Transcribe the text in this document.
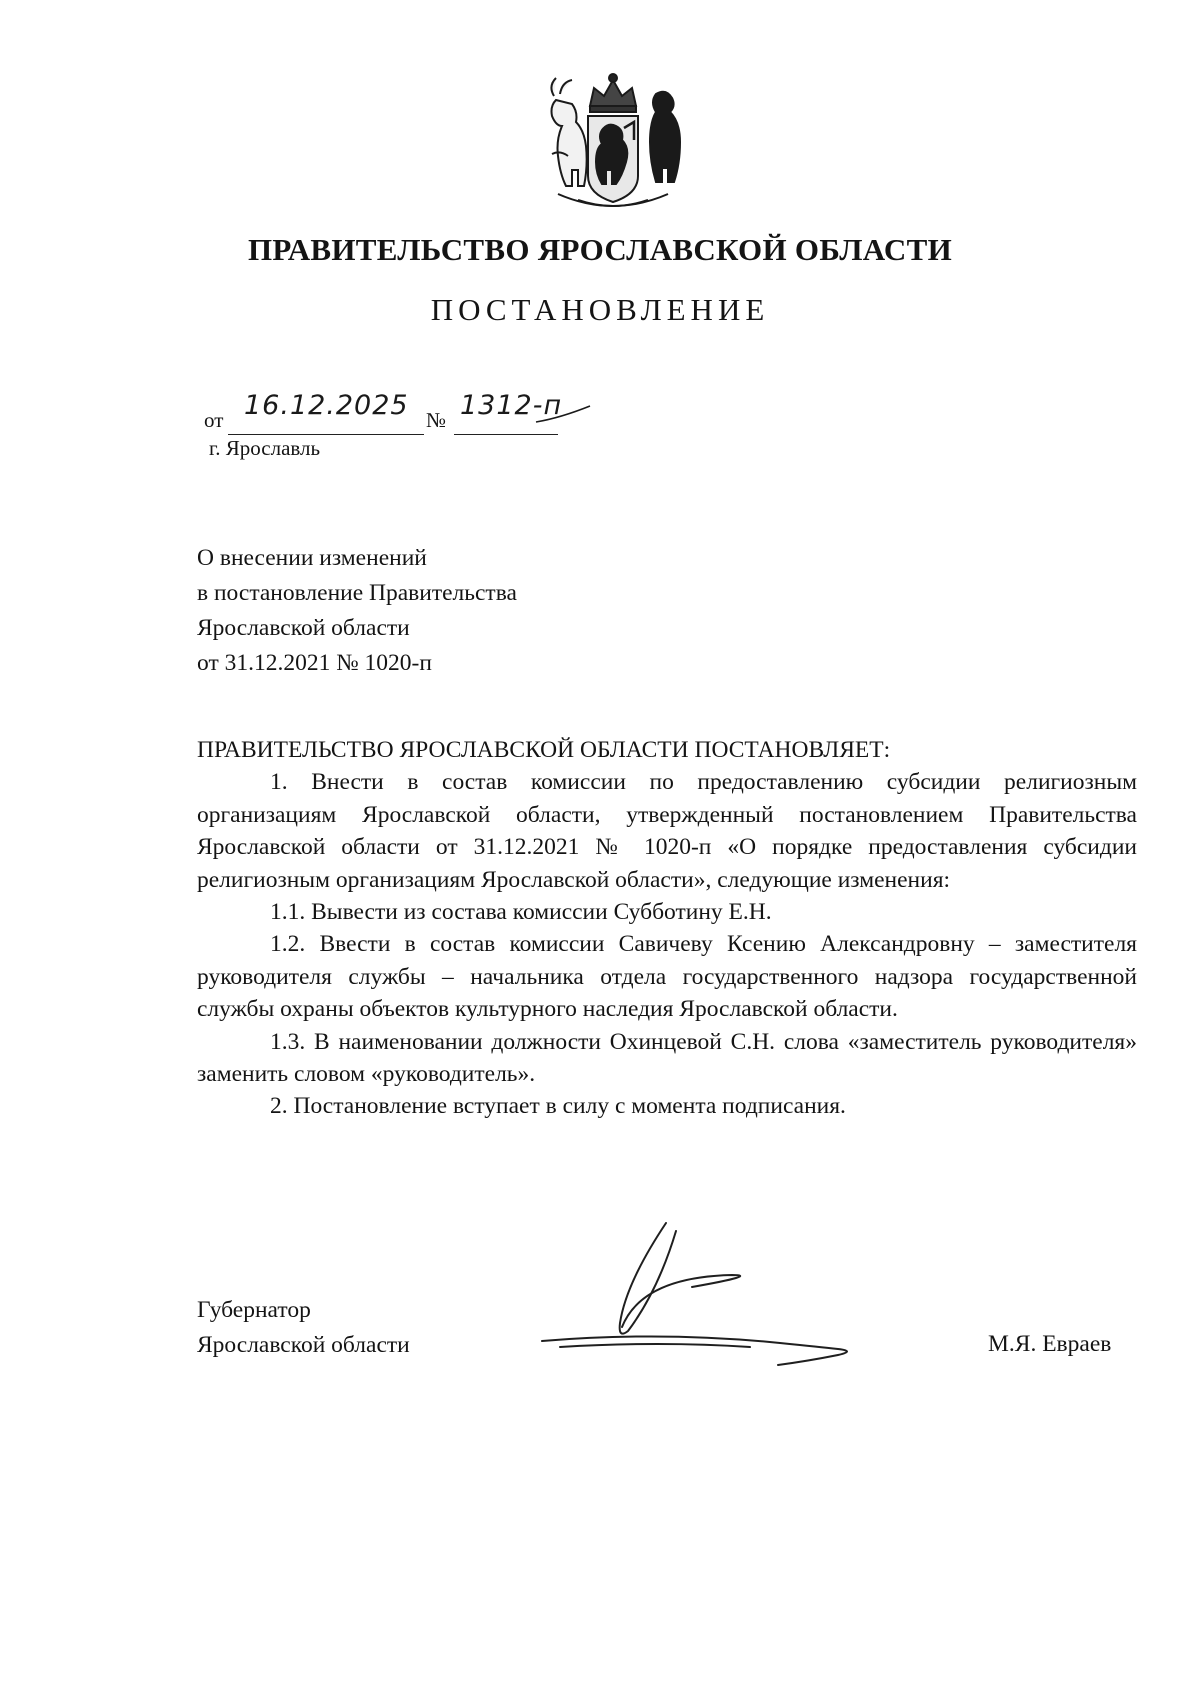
ПРАВИТЕЛЬСТВО ЯРОСЛАВСКОЙ ОБЛАСТИ
ПОСТАНОВЛЕНИЕ
от 16.12.2025 № 1312-п
г. Ярославль
О внесении изменений
в постановление Правительства
Ярославской области
от 31.12.2021 № 1020-п
ПРАВИТЕЛЬСТВО ЯРОСЛАВСКОЙ ОБЛАСТИ ПОСТАНОВЛЯЕТ:

1. Внести в состав комиссии по предоставлению субсидии религиозным организациям Ярославской области, утвержденный постановлением Правительства Ярославской области от 31.12.2021 № 1020-п «О порядке предоставления субсидии религиозным организациям Ярославской области», следующие изменения:

1.1. Вывести из состава комиссии Субботину Е.Н.

1.2. Ввести в состав комиссии Савичеву Ксению Александровну – заместителя руководителя службы – начальника отдела государственного надзора государственной службы охраны объектов культурного наследия Ярославской области.

1.3. В наименовании должности Охинцевой С.Н. слова «заместитель руководителя» заменить словом «руководитель».

2. Постановление вступает в силу с момента подписания.

Губернатор
Ярославской области	М.Я. Евраев
